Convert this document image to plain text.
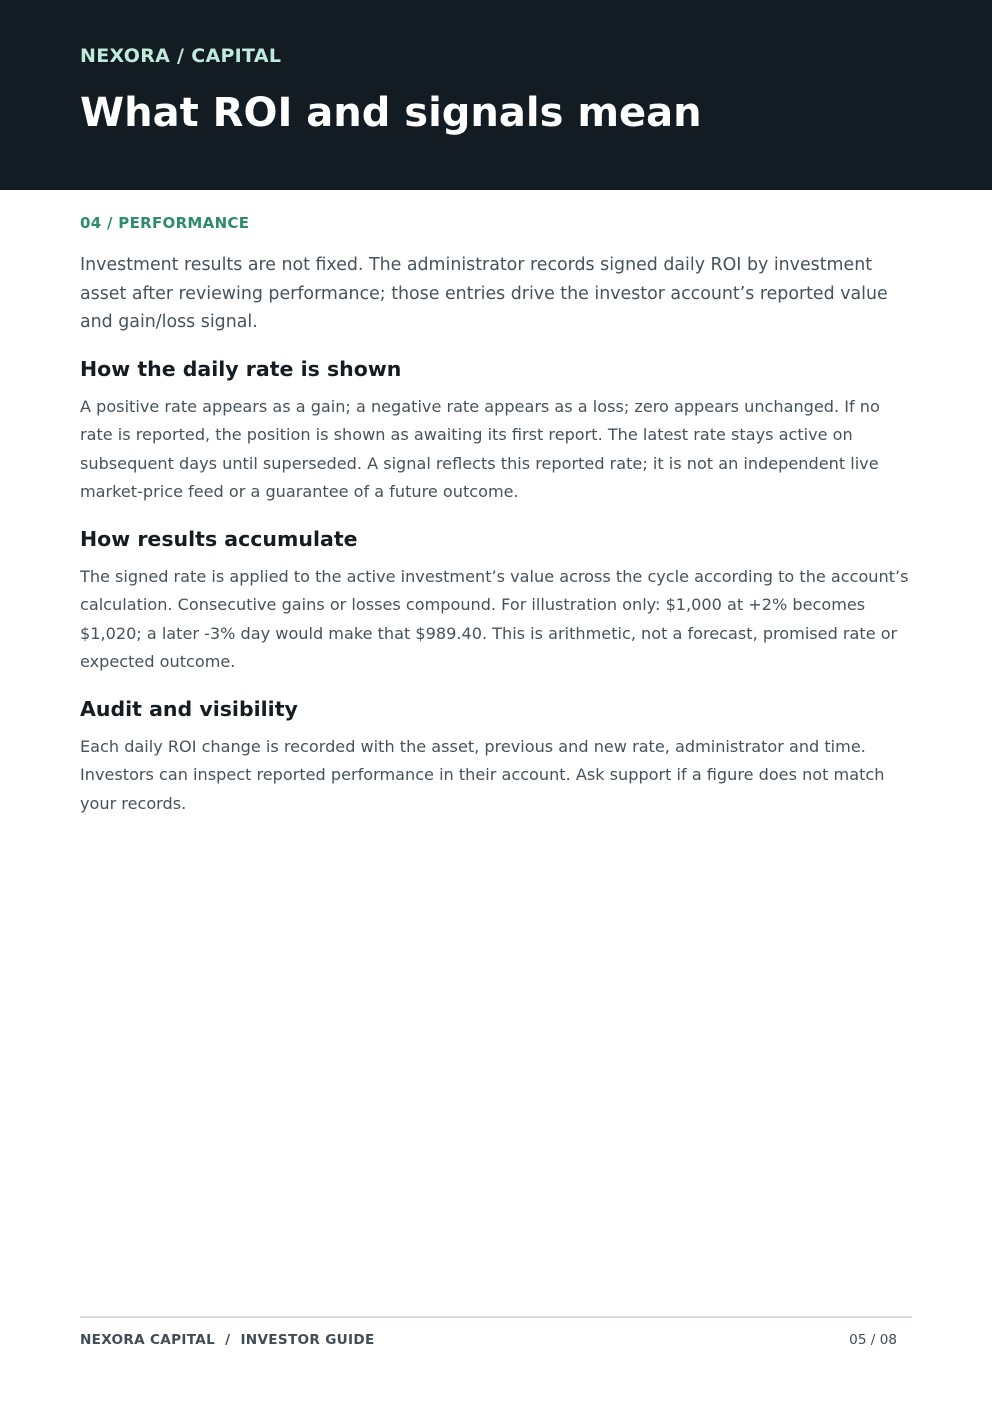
NEXORA / CAPITAL

What ROI and signals mean

04 / PERFORMANCE

Investment results are not fixed. The administrator records signed daily ROI by investment asset after reviewing performance; those entries drive the investor account’s reported value and gain/loss signal.

How the daily rate is shown

A positive rate appears as a gain; a negative rate appears as a loss; zero appears unchanged. If no rate is reported, the position is shown as awaiting its first report. The latest rate stays active on subsequent days until superseded. A signal reflects this reported rate; it is not an independent live market-price feed or a guarantee of a future outcome.

How results accumulate

The signed rate is applied to the active investment’s value across the cycle according to the account’s calculation. Consecutive gains or losses compound. For illustration only: $1,000 at +2% becomes $1,020; a later -3% day would make that $989.40. This is arithmetic, not a forecast, promised rate or expected outcome.

Audit and visibility

Each daily ROI change is recorded with the asset, previous and new rate, administrator and time. Investors can inspect reported performance in their account. Ask support if a figure does not match your records.

NEXORA CAPITAL  /  INVESTOR GUIDE	05 / 08
